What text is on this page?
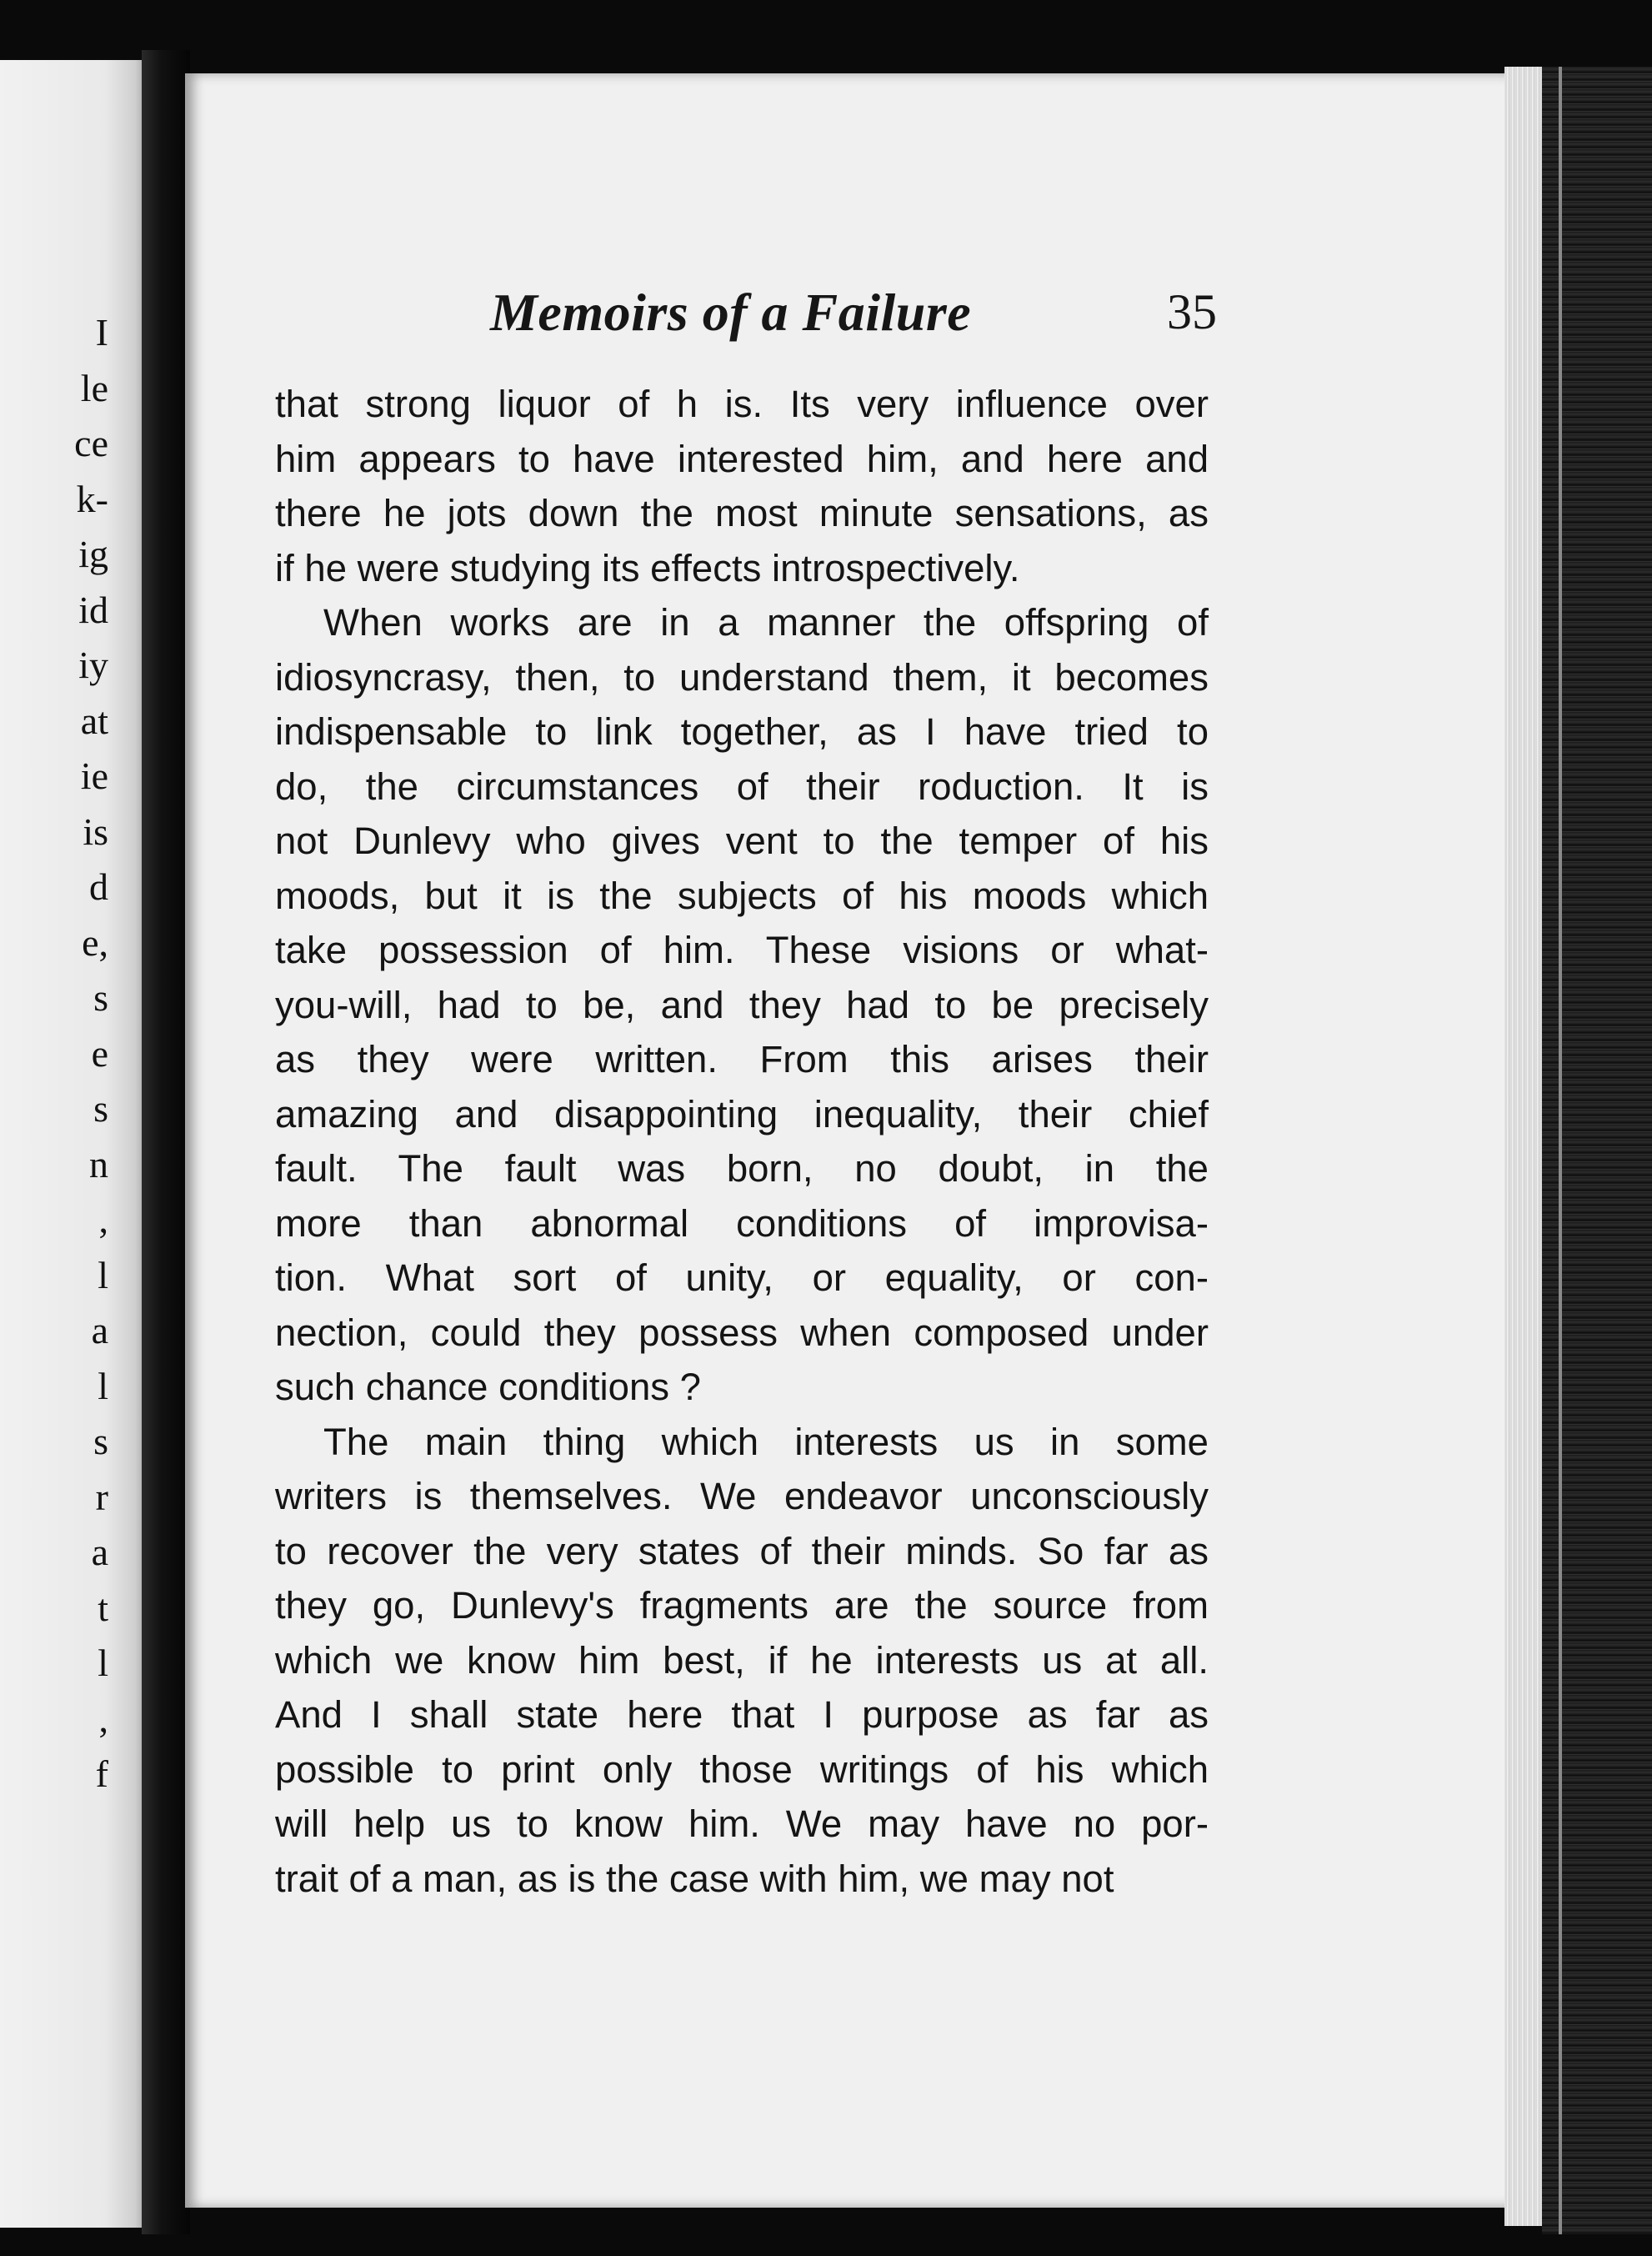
I
le
ce
k-
ig
id
iy
at
ie
is
d
e,
s
e
s
n
,
l
a
l
s
r
a
t
l
,
f
Memoirs of a Failure	35
that strong liquor of h is. Its very influence over
him appears to have interested him, and here and
there he jots down the most minute sensations, as
if he were studying its effects introspectively.
When works are in a manner the offspring of
idiosyncrasy, then, to understand them, it becomes
indispensable to link together, as I have tried to
do, the circumstances of their roduction. It is
not Dunlevy who gives vent to the temper of his
moods, but it is the subjects of his moods which
take possession of him. These visions or what-
you-will, had to be, and they had to be precisely
as they were written. From this arises their
amazing and disappointing inequality, their chief
fault. The fault was born, no doubt, in the
more than abnormal conditions of improvisa-
tion. What sort of unity, or equality, or con-
nection, could they possess when composed under
such chance conditions ?
The main thing which interests us in some
writers is themselves. We endeavor unconsciously
to recover the very states of their minds. So far as
they go, Dunlevy's fragments are the source from
which we know him best, if he interests us at all.
And I shall state here that I purpose as far as
possible to print only those writings of his which
will help us to know him. We may have no por-
trait of a man, as is the case with him, we may not
